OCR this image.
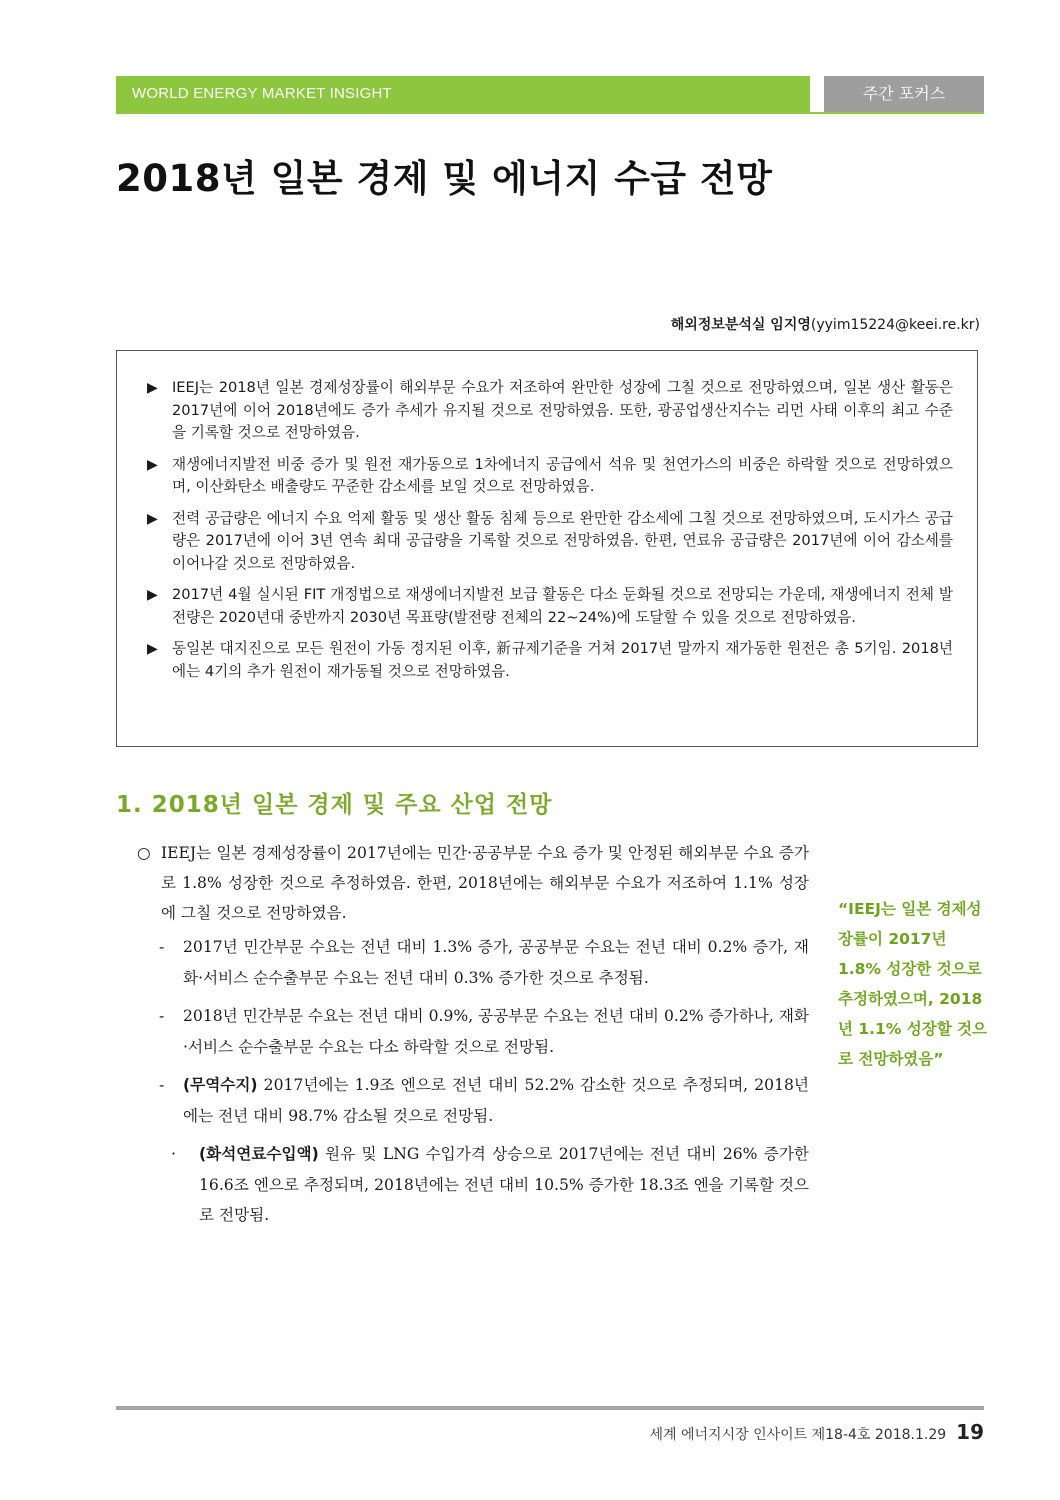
WORLD ENERGY MARKET INSIGHT	주간 포커스
2018년 일본 경제 및 에너지 수급 전망
해외정보분석실 임지영(yyim15224@keei.re.kr)
▶ IEEJ는 2018년 일본 경제성장률이 해외부문 수요가 저조하여 완만한 성장에 그칠 것으로 전망하였으며, 일본 생산 활동은 2017년에 이어 2018년에도 증가 추세가 유지될 것으로 전망하였음. 또한, 광공업생산지수는 리먼 사태 이후의 최고 수준을 기록할 것으로 전망하였음.
▶ 재생에너지발전 비중 증가 및 원전 재가동으로 1차에너지 공급에서 석유 및 천연가스의 비중은 하락할 것으로 전망하였으며, 이산화탄소 배출량도 꾸준한 감소세를 보일 것으로 전망하였음.
▶ 전력 공급량은 에너지 수요 억제 활동 및 생산 활동 침체 등으로 완만한 감소세에 그칠 것으로 전망하였으며, 도시가스 공급량은 2017년에 이어 3년 연속 최대 공급량을 기록할 것으로 전망하였음. 한편, 연료유 공급량은 2017년에 이어 감소세를 이어나갈 것으로 전망하였음.
▶ 2017년 4월 실시된 FIT 개정법으로 재생에너지발전 보급 활동은 다소 둔화될 것으로 전망되는 가운데, 재생에너지 전체 발전량은 2020년대 중반까지 2030년 목표량(발전량 전체의 22~24%)에 도달할 수 있을 것으로 전망하였음.
▶ 동일본 대지진으로 모든 원전이 가동 정지된 이후, 新규제기준을 거쳐 2017년 말까지 재가동한 원전은 총 5기임. 2018년에는 4기의 추가 원전이 재가동될 것으로 전망하였음.
1. 2018년 일본 경제 및 주요 산업 전망
○ IEEJ는 일본 경제성장률이 2017년에는 민간·공공부문 수요 증가 및 안정된 해외부문 수요 증가로 1.8% 성장한 것으로 추정하였음. 한편, 2018년에는 해외부문 수요가 저조하여 1.1% 성장에 그칠 것으로 전망하였음.
- 2017년 민간부문 수요는 전년 대비 1.3% 증가, 공공부문 수요는 전년 대비 0.2% 증가, 재화·서비스 순수출부문 수요는 전년 대비 0.3% 증가한 것으로 추정됨.
- 2018년 민간부문 수요는 전년 대비 0.9%, 공공부문 수요는 전년 대비 0.2% 증가하나, 재화·서비스 순수출부문 수요는 다소 하락할 것으로 전망됨.
- (무역수지) 2017년에는 1.9조 엔으로 전년 대비 52.2% 감소한 것으로 추정되며, 2018년에는 전년 대비 98.7% 감소될 것으로 전망됨.
· (화석연료수입액) 원유 및 LNG 수입가격 상승으로 2017년에는 전년 대비 26% 증가한 16.6조 엔으로 추정되며, 2018년에는 전년 대비 10.5% 증가한 18.3조 엔을 기록할 것으로 전망됨.
“IEEJ는 일본 경제성장률이 2017년 1.8% 성장한 것으로 추정하였으며, 2018년 1.1% 성장할 것으로 전망하였음”
세계 에너지시장 인사이트 제18-4호 2018.1.29 19
